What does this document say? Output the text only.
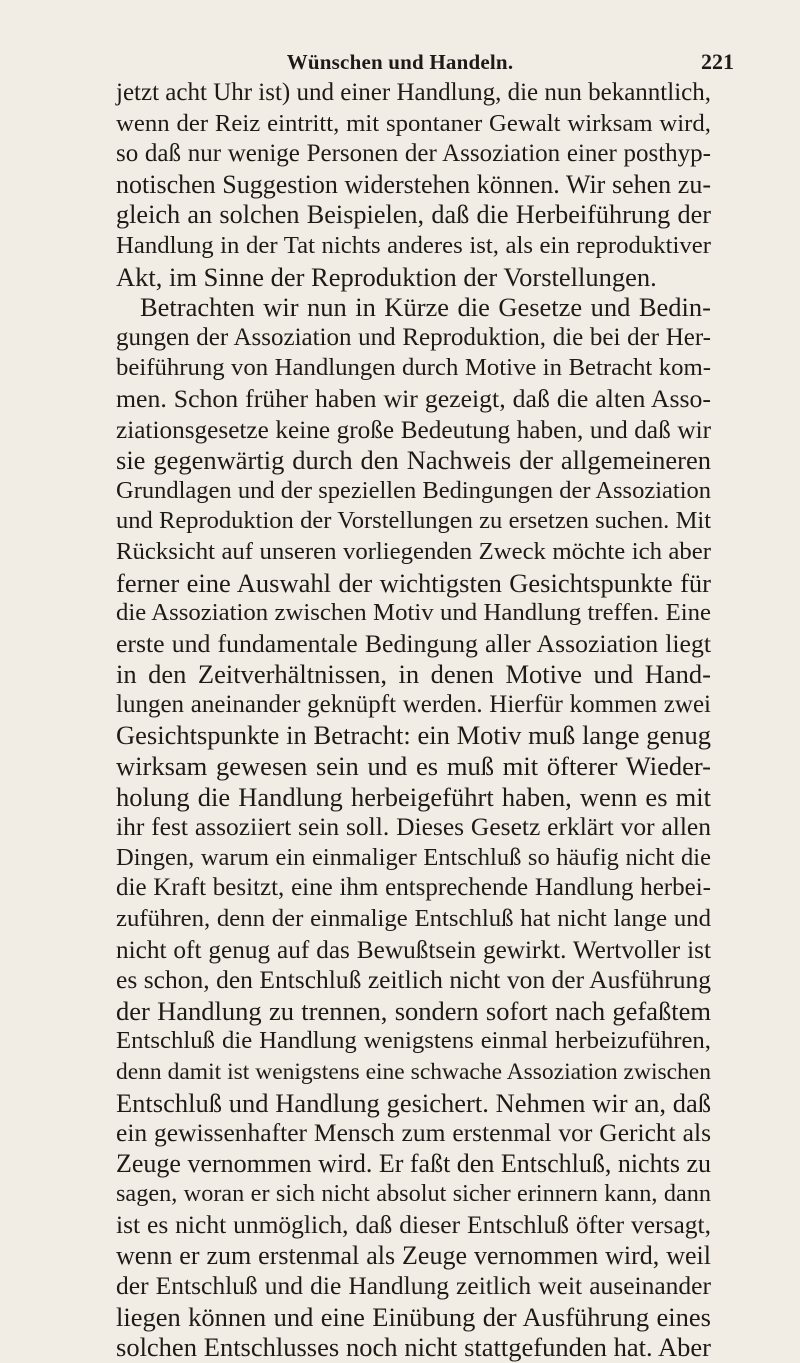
Wünschen und Handeln.	221
jetzt acht Uhr ist) und einer Handlung, die nun bekanntlich,
wenn der Reiz eintritt, mit spontaner Gewalt wirksam wird,
so daß nur wenige Personen der Assoziation einer posthyp-
notischen Suggestion widerstehen können. Wir sehen zu-
gleich an solchen Beispielen, daß die Herbeiführung der
Handlung in der Tat nichts anderes ist, als ein reproduktiver
Akt, im Sinne der Reproduktion der Vorstellungen.
Betrachten wir nun in Kürze die Gesetze und Bedin-
gungen der Assoziation und Reproduktion, die bei der Her-
beiführung von Handlungen durch Motive in Betracht kom-
men. Schon früher haben wir gezeigt, daß die alten Asso-
ziationsgesetze keine große Bedeutung haben, und daß wir
sie gegenwärtig durch den Nachweis der allgemeineren
Grundlagen und der speziellen Bedingungen der Assoziation
und Reproduktion der Vorstellungen zu ersetzen suchen. Mit
Rücksicht auf unseren vorliegenden Zweck möchte ich aber
ferner eine Auswahl der wichtigsten Gesichtspunkte für
die Assoziation zwischen Motiv und Handlung treffen. Eine
erste und fundamentale Bedingung aller Assoziation liegt
in den Zeitverhältnissen, in denen Motive und Hand-
lungen aneinander geknüpft werden. Hierfür kommen zwei
Gesichtspunkte in Betracht: ein Motiv muß lange genug
wirksam gewesen sein und es muß mit öfterer Wieder-
holung die Handlung herbeigeführt haben, wenn es mit
ihr fest assoziiert sein soll. Dieses Gesetz erklärt vor allen
Dingen, warum ein einmaliger Entschluß so häufig nicht die
die Kraft besitzt, eine ihm entsprechende Handlung herbei-
zuführen, denn der einmalige Entschluß hat nicht lange und
nicht oft genug auf das Bewußtsein gewirkt. Wertvoller ist
es schon, den Entschluß zeitlich nicht von der Ausführung
der Handlung zu trennen, sondern sofort nach gefaßtem
Entschluß die Handlung wenigstens einmal herbeizuführen,
denn damit ist wenigstens eine schwache Assoziation zwischen
Entschluß und Handlung gesichert. Nehmen wir an, daß
ein gewissenhafter Mensch zum erstenmal vor Gericht als
Zeuge vernommen wird. Er faßt den Entschluß, nichts zu
sagen, woran er sich nicht absolut sicher erinnern kann, dann
ist es nicht unmöglich, daß dieser Entschluß öfter versagt,
wenn er zum erstenmal als Zeuge vernommen wird, weil
der Entschluß und die Handlung zeitlich weit auseinander
liegen können und eine Einübung der Ausführung eines
solchen Entschlusses noch nicht stattgefunden hat. Aber
